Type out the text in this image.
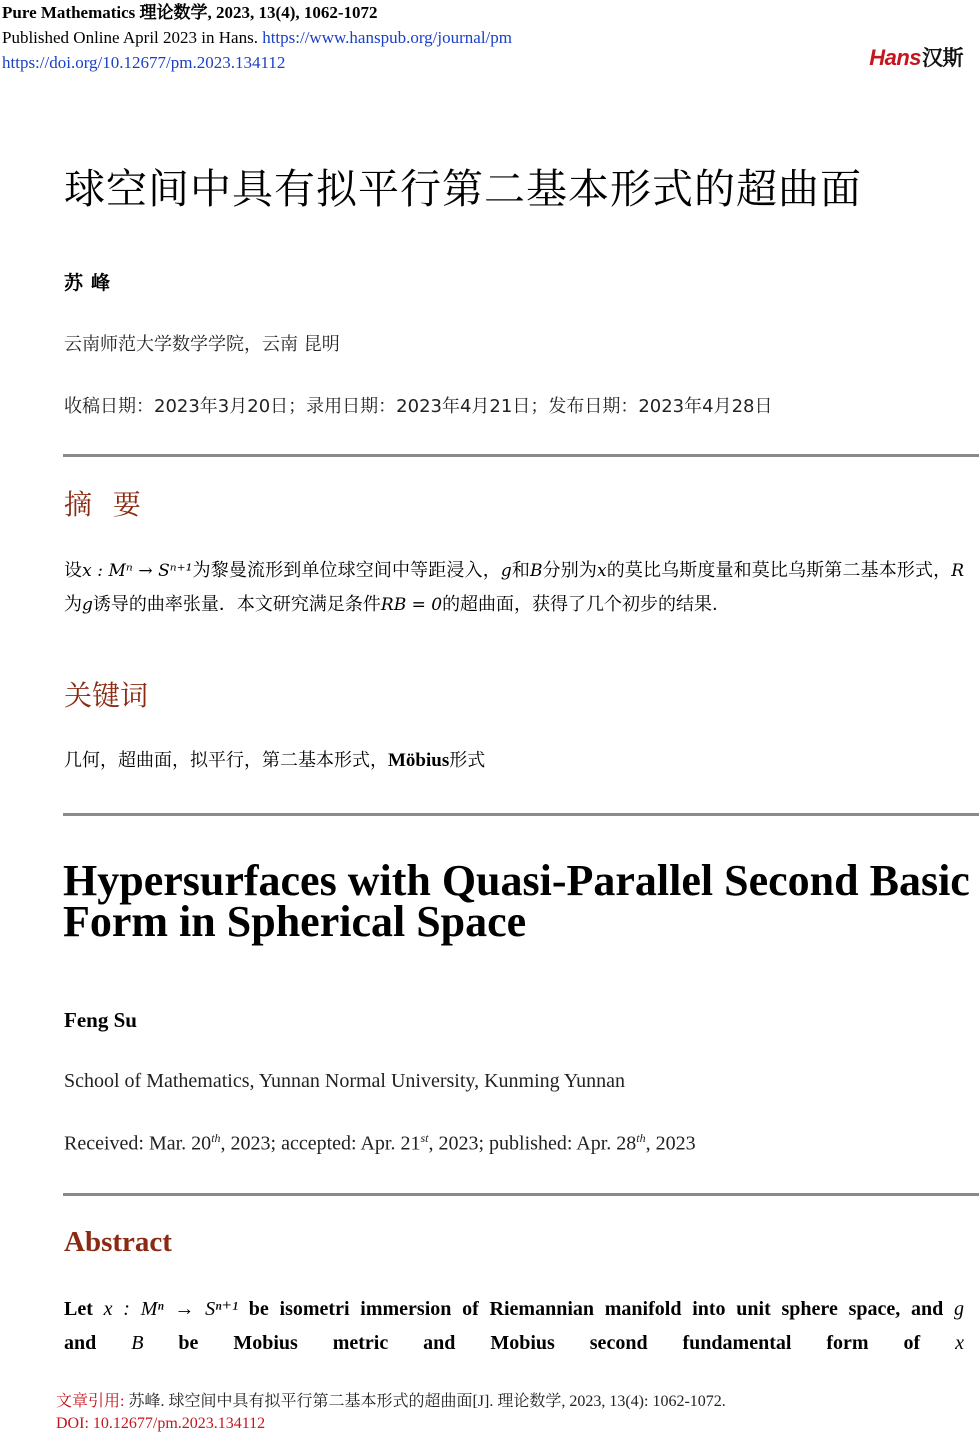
Pure Mathematics 理论数学, 2023, 13(4), 1062-1072
Published Online April 2023 in Hans. https://www.hanspub.org/journal/pm
https://doi.org/10.12677/pm.2023.134112	Hans汉斯
球空间中具有拟平行第二基本形式的超曲面
苏峰
云南师范大学数学学院，云南 昆明
收稿日期：2023年3月20日；录用日期：2023年4月21日；发布日期：2023年4月28日
摘 要
设x : Mⁿ → Sⁿ⁺¹为黎曼流形到单位球空间中等距浸入，g和B分别为x的莫比乌斯度量和莫比乌斯第二基本形式，R 为g诱导的曲率张量．本文研究满足条件RB = 0的超曲面，获得了几个初步的结果.
关键词
几何，超曲面，拟平行，第二基本形式，Möbius形式
Hypersurfaces with Quasi-Parallel Second Basic Form in Spherical Space
Feng Su
School of Mathematics, Yunnan Normal University, Kunming Yunnan
Received: Mar. 20th, 2023; accepted: Apr. 21st, 2023; published: Apr. 28th, 2023
Abstract
Let x : Mⁿ → Sⁿ⁺¹ be isometri immersion of Riemannian manifold into unit sphere space, and g and B be Mobius metric and Mobius second fundamental form of x
文章引用: 苏峰. 球空间中具有拟平行第二基本形式的超曲面[J]. 理论数学, 2023, 13(4): 1062-1072.
DOI: 10.12677/pm.2023.134112
